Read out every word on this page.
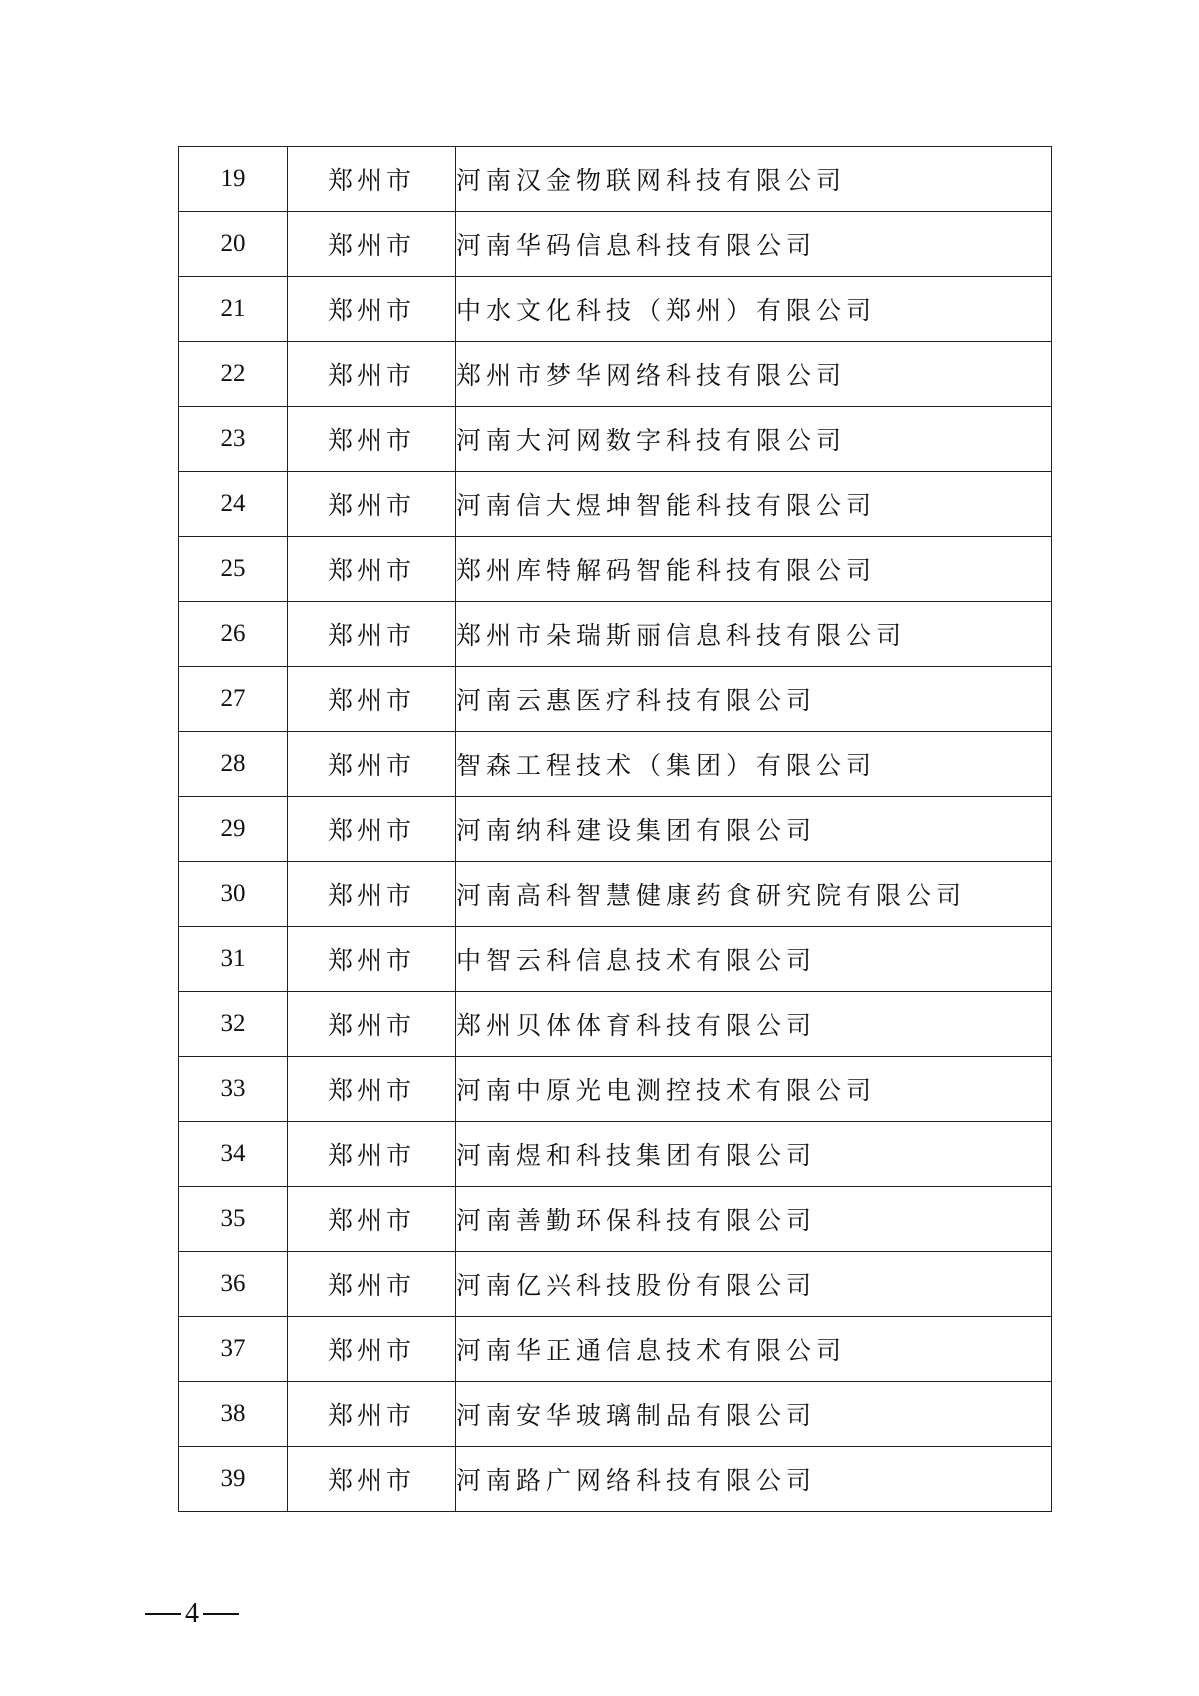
19	郑州市	河南汉金物联网科技有限公司
20	郑州市	河南华码信息科技有限公司
21	郑州市	中水文化科技（郑州）有限公司
22	郑州市	郑州市梦华网络科技有限公司
23	郑州市	河南大河网数字科技有限公司
24	郑州市	河南信大煜坤智能科技有限公司
25	郑州市	郑州库特解码智能科技有限公司
26	郑州市	郑州市朵瑞斯丽信息科技有限公司
27	郑州市	河南云惠医疗科技有限公司
28	郑州市	智森工程技术（集团）有限公司
29	郑州市	河南纳科建设集团有限公司
30	郑州市	河南高科智慧健康药食研究院有限公司
31	郑州市	中智云科信息技术有限公司
32	郑州市	郑州贝体体育科技有限公司
33	郑州市	河南中原光电测控技术有限公司
34	郑州市	河南煜和科技集团有限公司
35	郑州市	河南善勤环保科技有限公司
36	郑州市	河南亿兴科技股份有限公司
37	郑州市	河南华正通信息技术有限公司
38	郑州市	河南安华玻璃制品有限公司
39	郑州市	河南路广网络科技有限公司
4
